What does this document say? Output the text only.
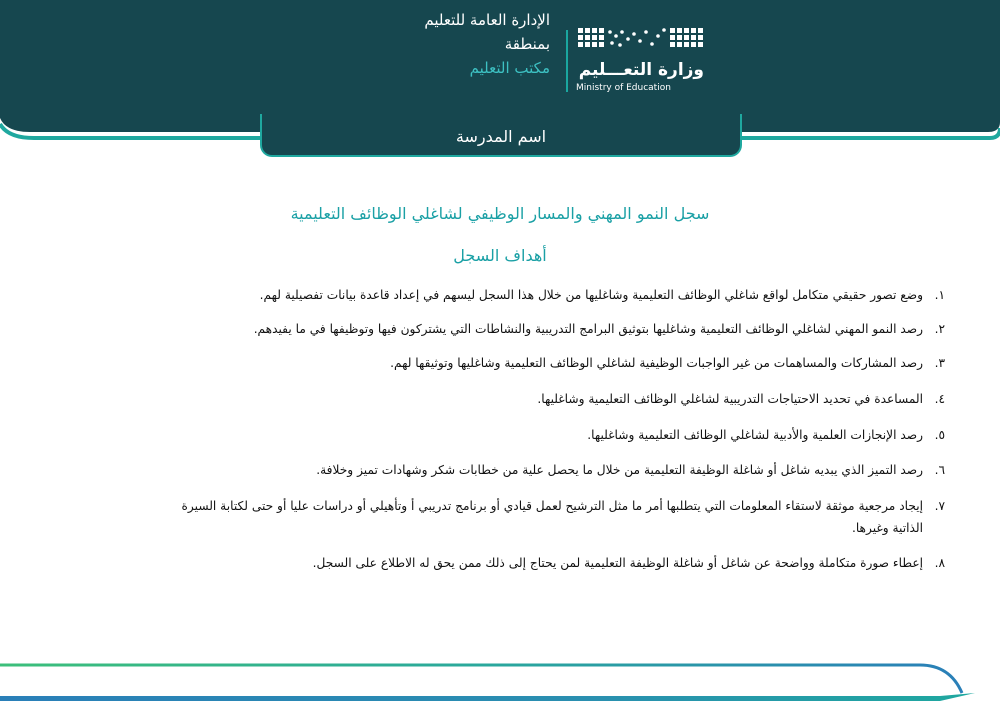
الإدارة العامة للتعليم
بمنطقة
مكتب التعليم وزارة التعـــليم
Ministry of Education
اسم المدرسة
سجل النمو المهني والمسار الوظيفي لشاغلي الوظائف التعليمية
أهداف السجل
١.
وضع تصور حقيقي متكامل لواقع شاغلي الوظائف التعليمية وشاغليها من خلال هذا السجل ليسهم في إعداد قاعدة بيانات تفصيلية لهم.
٢.
رصد النمو المهني لشاغلي الوظائف التعليمية وشاغليها بتوثيق البرامج التدريبية والنشاطات التي يشتركون فيها وتوظيفها في ما يفيدهم.
٣.
رصد المشاركات والمساهمات من غير الواجبات الوظيفية لشاغلي الوظائف التعليمية وشاغليها وتوثيقها لهم.
٤.
المساعدة في تحديد الاحتياجات التدريبية لشاغلي الوظائف التعليمية وشاغليها.
٥.
رصد الإنجازات العلمية والأدبية لشاغلي الوظائف التعليمية وشاغليها.
٦.
رصد التميز الذي يبديه شاغل أو شاغلة الوظيفة التعليمية من خلال ما يحصل علية من خطابات شكر وشهادات تميز وخلافة.
٧.
إيجاد مرجعية موثقة لاستقاء المعلومات التي يتطلبها أمر ما مثل الترشيح لعمل قيادي أو برنامج تدريبي أ وتأهيلي أو دراسات عليا أو حتى لكتابة السيرة الذاتية وغيرها.
٨.
إعطاء صورة متكاملة وواضحة عن شاغل أو شاغلة الوظيفة التعليمية لمن يحتاج إلى ذلك ممن يحق له الاطلاع على السجل.
